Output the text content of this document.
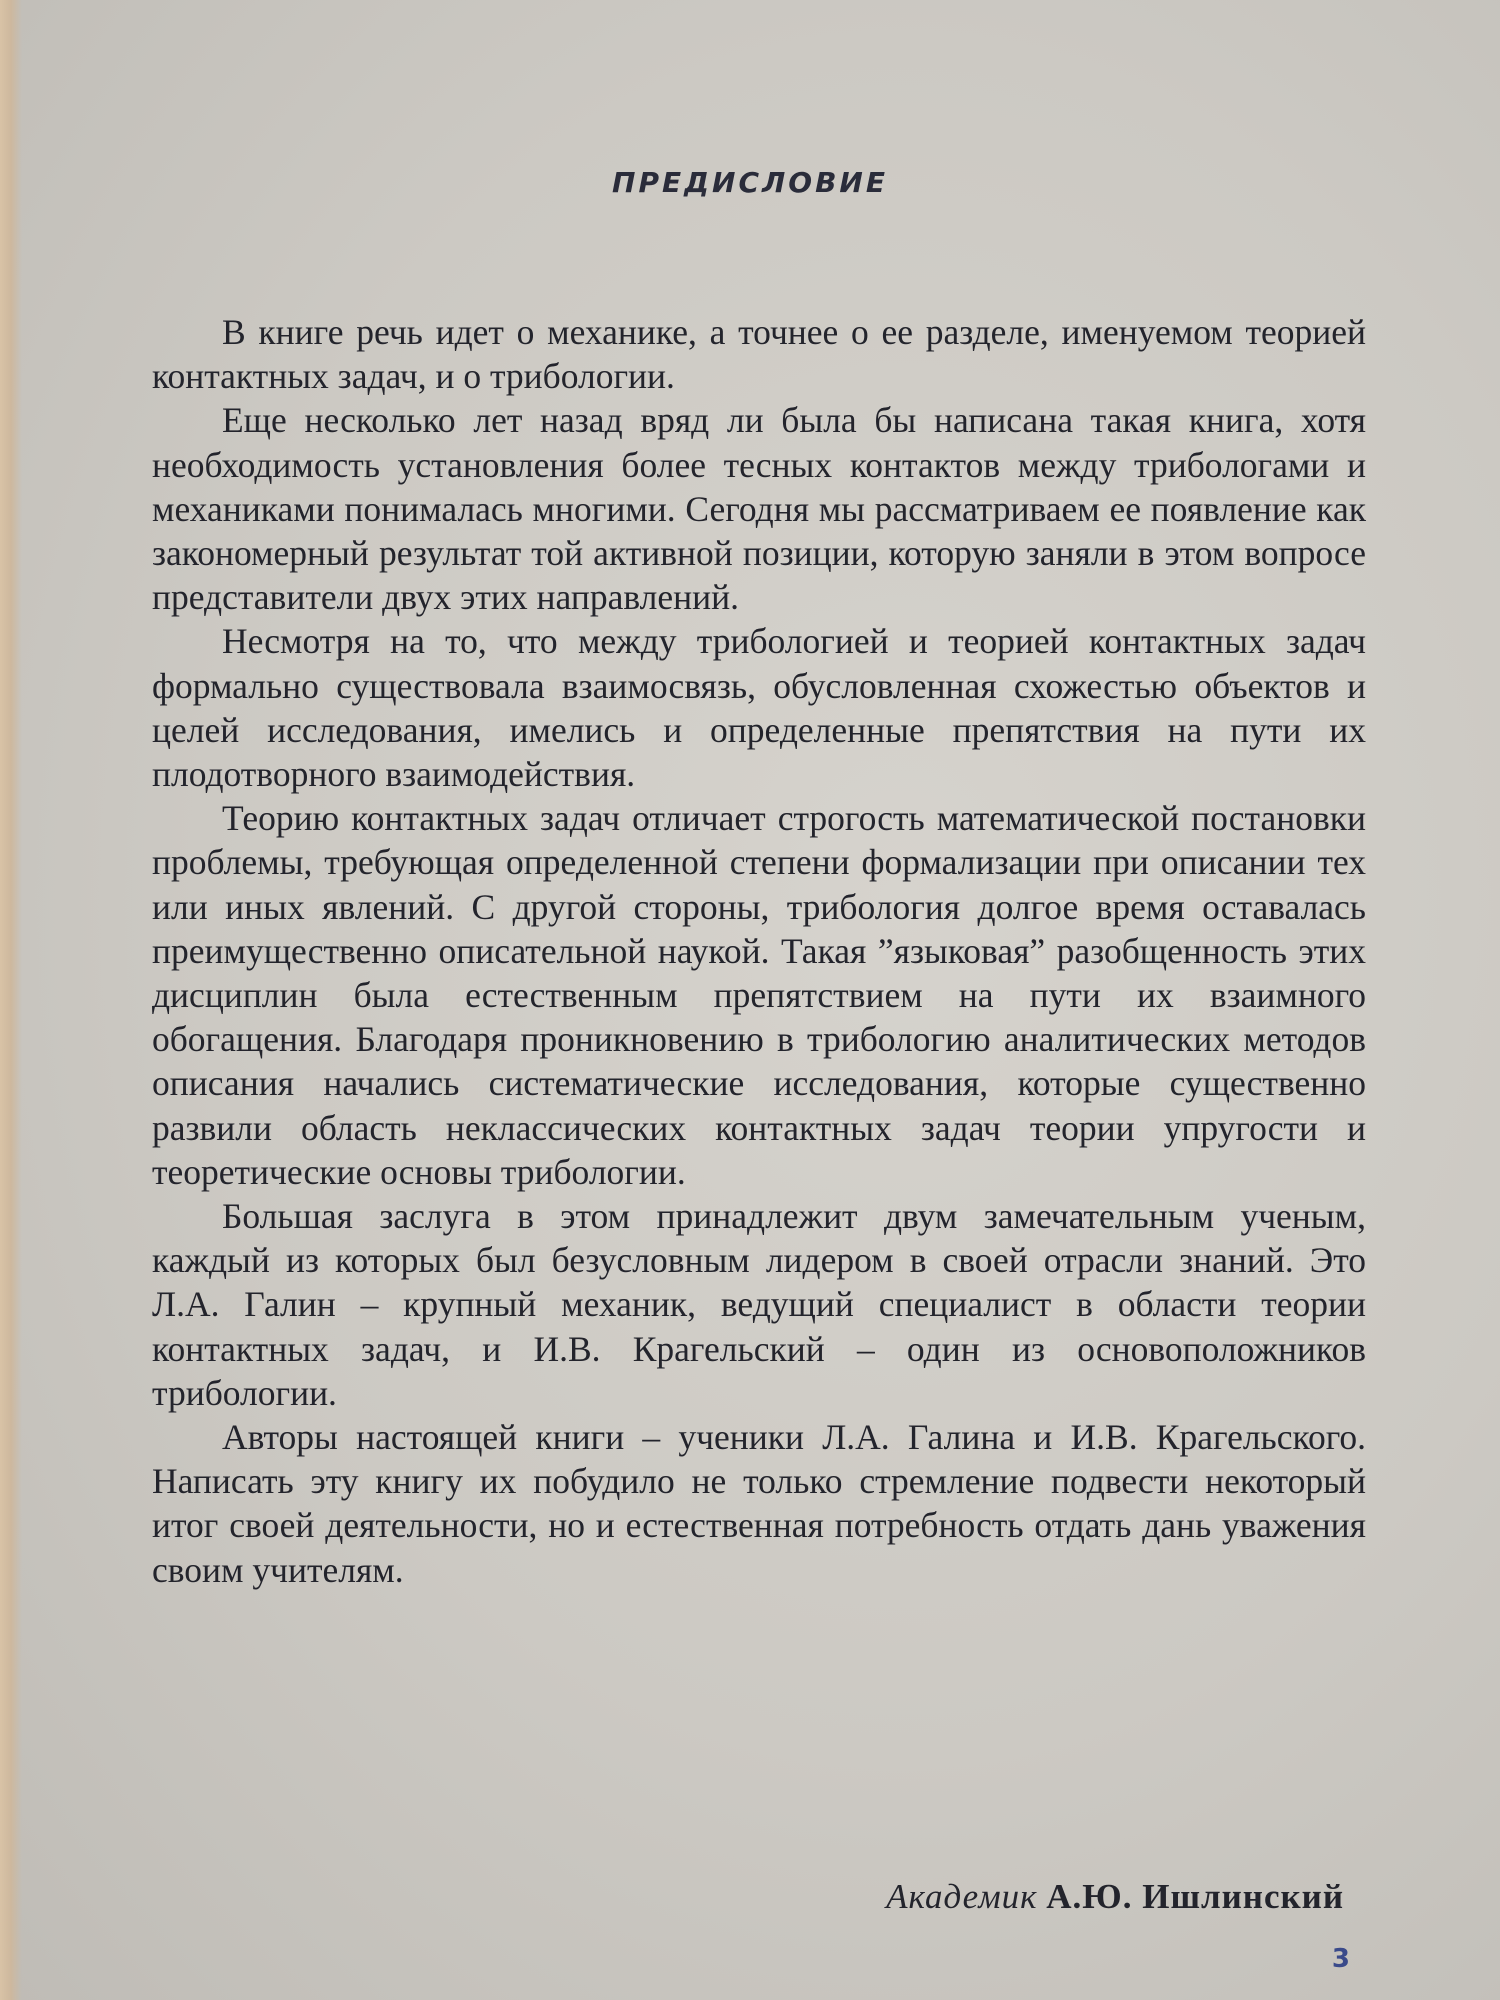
ПРЕДИСЛОВИЕ

В книге речь идет о механике, а точнее о ее разделе, именуемом теорией контактных задач, и о трибологии.

Еще несколько лет назад вряд ли была бы написана такая книга, хотя необходимость установления более тесных контактов между трибологами и механиками понималась многими. Сегодня мы рассматриваем ее появление как закономерный результат той активной позиции, которую заняли в этом вопросе представители двух этих направлений.

Несмотря на то, что между трибологией и теорией контактных задач формально существовала взаимосвязь, обусловленная схожестью объектов и целей исследования, имелись и определенные препятствия на пути их плодотворного взаимодействия.

Теорию контактных задач отличает строгость математической постановки проблемы, требующая определенной степени формализации при описании тех или иных явлений. С другой стороны, трибология долгое время оставалась преимущественно описательной наукой. Такая ”языковая” разобщенность этих дисциплин была естественным препятствием на пути их взаимного обогащения. Благодаря проникновению в трибологию аналитических методов описания начались систематические исследования, которые существенно развили область неклассических контактных задач теории упругости и теоретические основы трибологии.

Большая заслуга в этом принадлежит двум замечательным ученым, каждый из которых был безусловным лидером в своей отрасли знаний. Это Л.А. Галин – крупный механик, ведущий специалист в области теории контактных задач, и И.В. Крагельский – один из основоположников трибологии.

Авторы настоящей книги – ученики Л.А. Галина и И.В. Крагельского. Написать эту книгу их побудило не только стремление подвести некоторый итог своей деятельности, но и естественная потребность отдать дань уважения своим учителям.

Академик А.Ю. Ишлинский
3
